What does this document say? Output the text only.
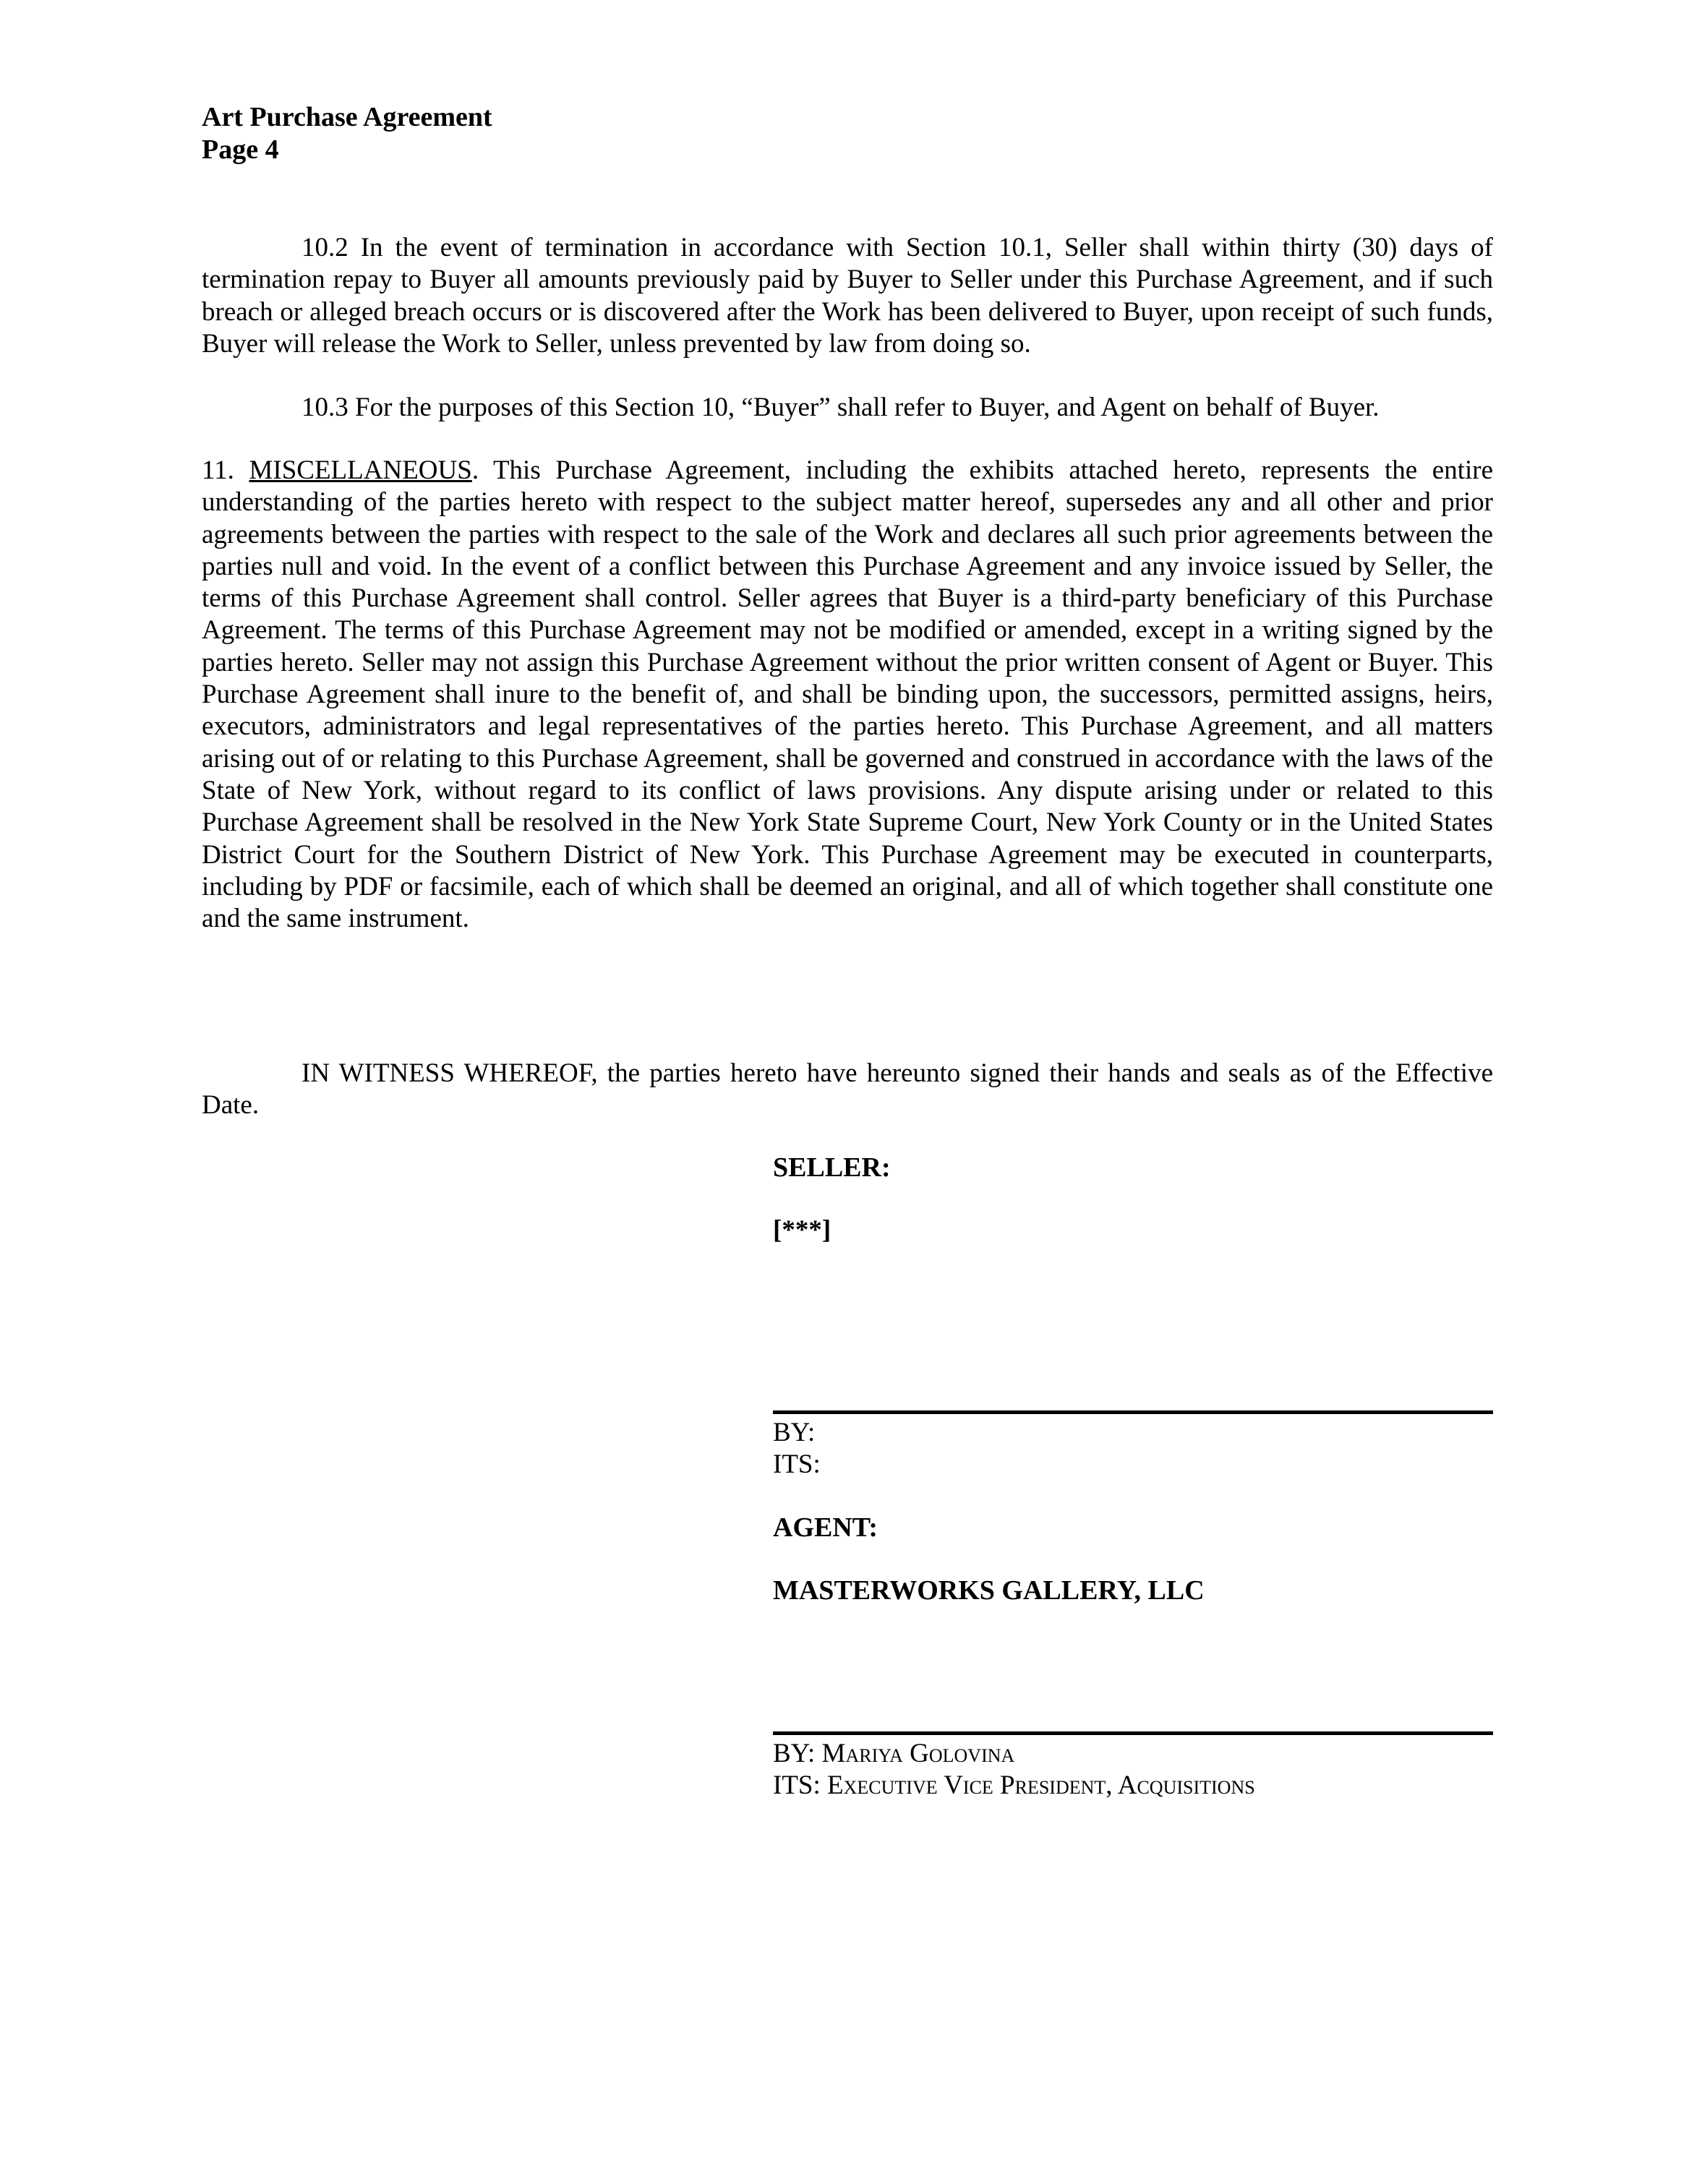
Art Purchase Agreement
Page 4
10.2 In the event of termination in accordance with Section 10.1, Seller shall within thirty (30) days of termination repay to Buyer all amounts previously paid by Buyer to Seller under this Purchase Agreement, and if such breach or alleged breach occurs or is discovered after the Work has been delivered to Buyer, upon receipt of such funds, Buyer will release the Work to Seller, unless prevented by law from doing so.
10.3 For the purposes of this Section 10, “Buyer” shall refer to Buyer, and Agent on behalf of Buyer.
11. MISCELLANEOUS. This Purchase Agreement, including the exhibits attached hereto, represents the entire understanding of the parties hereto with respect to the subject matter hereof, supersedes any and all other and prior agreements between the parties with respect to the sale of the Work and declares all such prior agreements between the parties null and void. In the event of a conflict between this Purchase Agreement and any invoice issued by Seller, the terms of this Purchase Agreement shall control. Seller agrees that Buyer is a third-party beneficiary of this Purchase Agreement. The terms of this Purchase Agreement may not be modified or amended, except in a writing signed by the parties hereto. Seller may not assign this Purchase Agreement without the prior written consent of Agent or Buyer. This Purchase Agreement shall inure to the benefit of, and shall be binding upon, the successors, permitted assigns, heirs, executors, administrators and legal representatives of the parties hereto. This Purchase Agreement, and all matters arising out of or relating to this Purchase Agreement, shall be governed and construed in accordance with the laws of the State of New York, without regard to its conflict of laws provisions. Any dispute arising under or related to this Purchase Agreement shall be resolved in the New York State Supreme Court, New York County or in the United States District Court for the Southern District of New York. This Purchase Agreement may be executed in counterparts, including by PDF or facsimile, each of which shall be deemed an original, and all of which together shall constitute one and the same instrument.
IN WITNESS WHEREOF, the parties hereto have hereunto signed their hands and seals as of the Effective Date.
SELLER:
[***]
BY:
ITS:
AGENT:
MASTERWORKS GALLERY, LLC
BY: Mariya Golovina
ITS: Executive Vice President, Acquisitions
